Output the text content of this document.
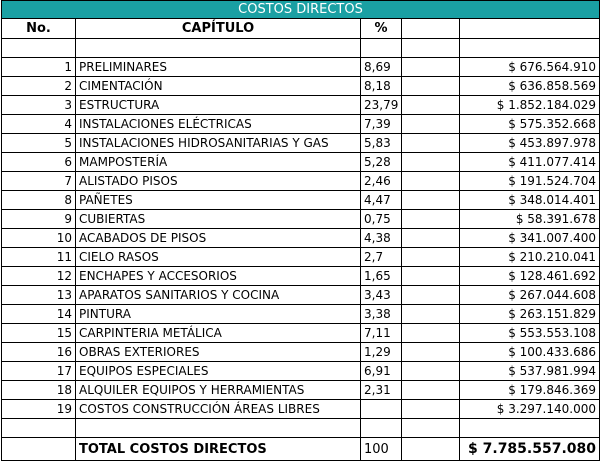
COSTOS DIRECTOS				
No.	CAPÍTULO	%		

1	PRELIMINARES	8,69		$ 676.564.910
2	CIMENTACIÓN	8,18		$ 636.858.569
3	ESTRUCTURA	23,79		$ 1.852.184.029
4	INSTALACIONES ELÉCTRICAS	7,39		$ 575.352.668
5	INSTALACIONES HIDROSANITARIAS Y GAS	5,83		$ 453.897.978
6	MAMPOSTERÍA	5,28		$ 411.077.414
7	ALISTADO PISOS	2,46		$ 191.524.704
8	PAÑETES	4,47		$ 348.014.401
9	CUBIERTAS	0,75		$ 58.391.678
10	ACABADOS DE PISOS	4,38		$ 341.007.400
11	CIELO RASOS	2,7		$ 210.210.041
12	ENCHAPES Y ACCESORIOS	1,65		$ 128.461.692
13	APARATOS SANITARIOS Y COCINA	3,43		$ 267.044.608
14	PINTURA	3,38		$ 263.151.829
15	CARPINTERIA METÁLICA	7,11		$ 553.553.108
16	OBRAS EXTERIORES	1,29		$ 100.433.686
17	EQUIPOS ESPECIALES	6,91		$ 537.981.994
18	ALQUILER EQUIPOS Y HERRAMIENTAS	2,31		$ 179.846.369
19	COSTOS CONSTRUCCIÓN ÁREAS LIBRES			$ 3.297.140.000

	TOTAL COSTOS DIRECTOS	100		$ 7.785.557.080
